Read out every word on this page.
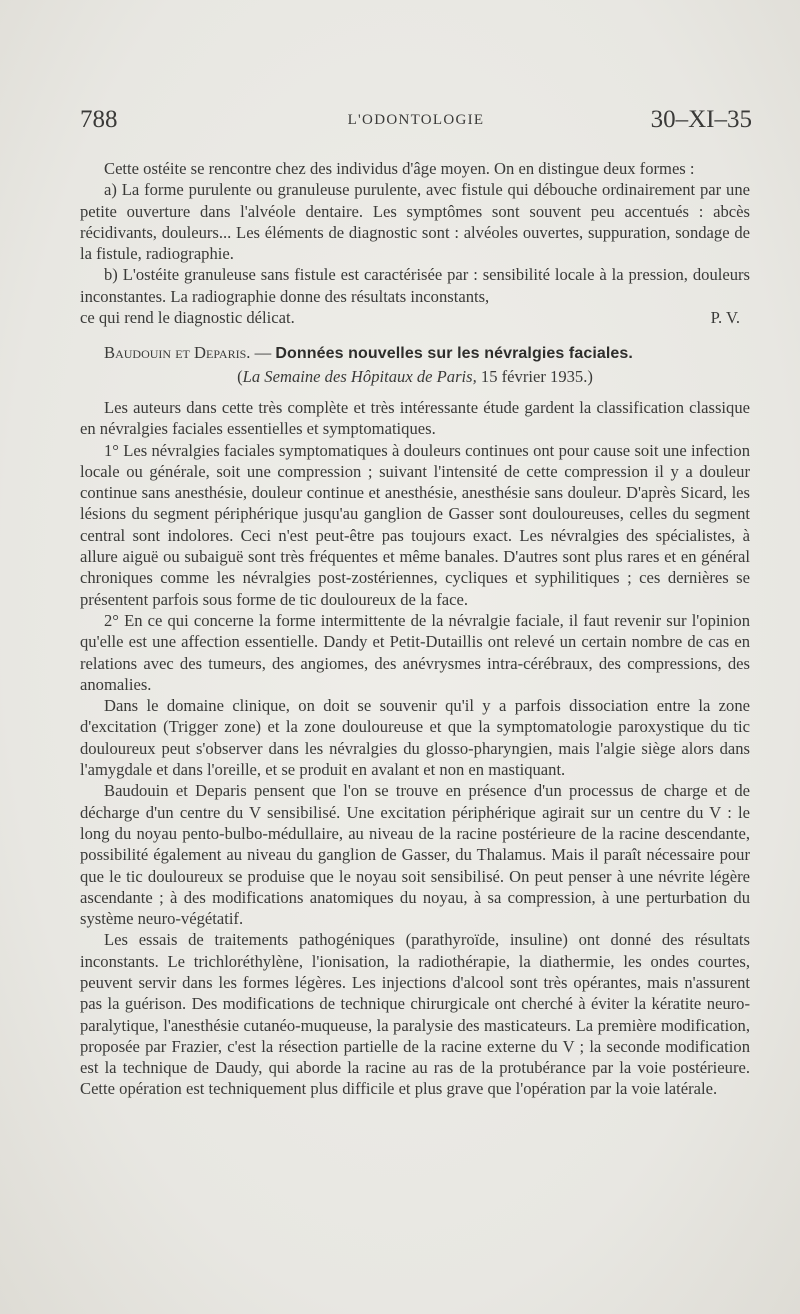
788	L'ODONTOLOGIE	30–XI–35

Cette ostéite se rencontre chez des individus d'âge moyen. On en distingue deux formes :

a) La forme purulente ou granuleuse purulente, avec fistule qui débouche ordinairement par une petite ouverture dans l'alvéole dentaire. Les symptômes sont souvent peu accentués : abcès récidivants, douleurs... Les éléments de diagnostic sont : alvéoles ouvertes, suppuration, sondage de la fistule, radiographie.

b) L'ostéite granuleuse sans fistule est caractérisée par : sensibilité locale à la pression, douleurs inconstantes. La radiographie donne des résultats inconstants,

ce qui rend le diagnostic délicat.	P. V.

Baudouin et Deparis. — Données nouvelles sur les névralgies faciales.

(La Semaine des Hôpitaux de Paris, 15 février 1935.)

Les auteurs dans cette très complète et très intéressante étude gardent la classification classique en névralgies faciales essentielles et symptomatiques.

1° Les névralgies faciales symptomatiques à douleurs continues ont pour cause soit une infection locale ou générale, soit une compression ; suivant l'intensité de cette compression il y a douleur continue sans anesthésie, douleur continue et anesthésie, anesthésie sans douleur. D'après Sicard, les lésions du segment périphérique jusqu'au ganglion de Gasser sont douloureuses, celles du segment central sont indolores. Ceci n'est peut-être pas toujours exact. Les névralgies des spécialistes, à allure aiguë ou subaiguë sont très fréquentes et même banales. D'autres sont plus rares et en général chroniques comme les névralgies post-zostériennes, cycliques et syphilitiques ; ces dernières se présentent parfois sous forme de tic douloureux de la face.

2° En ce qui concerne la forme intermittente de la névralgie faciale, il faut revenir sur l'opinion qu'elle est une affection essentielle. Dandy et Petit-Dutaillis ont relevé un certain nombre de cas en relations avec des tumeurs, des angiomes, des anévrysmes intra-cérébraux, des compressions, des anomalies.

Dans le domaine clinique, on doit se souvenir qu'il y a parfois dissociation entre la zone d'excitation (Trigger zone) et la zone douloureuse et que la symptomatologie paroxystique du tic douloureux peut s'observer dans les névralgies du glosso-pharyngien, mais l'algie siège alors dans l'amygdale et dans l'oreille, et se produit en avalant et non en mastiquant.

Baudouin et Deparis pensent que l'on se trouve en présence d'un processus de charge et de décharge d'un centre du V sensibilisé. Une excitation périphérique agirait sur un centre du V : le long du noyau pento-bulbo-médullaire, au niveau de la racine postérieure de la racine descendante, possibilité également au niveau du ganglion de Gasser, du Thalamus. Mais il paraît nécessaire pour que le tic douloureux se produise que le noyau soit sensibilisé. On peut penser à une névrite légère ascendante ; à des modifications anatomiques du noyau, à sa compression, à une perturbation du système neuro-végétatif.

Les essais de traitements pathogéniques (parathyroïde, insuline) ont donné des résultats inconstants. Le trichloréthylène, l'ionisation, la radiothérapie, la diathermie, les ondes courtes, peuvent servir dans les formes légères. Les injections d'alcool sont très opérantes, mais n'assurent pas la guérison. Des modifications de technique chirurgicale ont cherché à éviter la kératite neuro-paralytique, l'anesthésie cutanéo-muqueuse, la paralysie des masticateurs. La première modification, proposée par Frazier, c'est la résection partielle de la racine externe du V ; la seconde modification est la technique de Daudy, qui aborde la racine au ras de la protubérance par la voie postérieure. Cette opération est techniquement plus difficile et plus grave que l'opération par la voie latérale.
